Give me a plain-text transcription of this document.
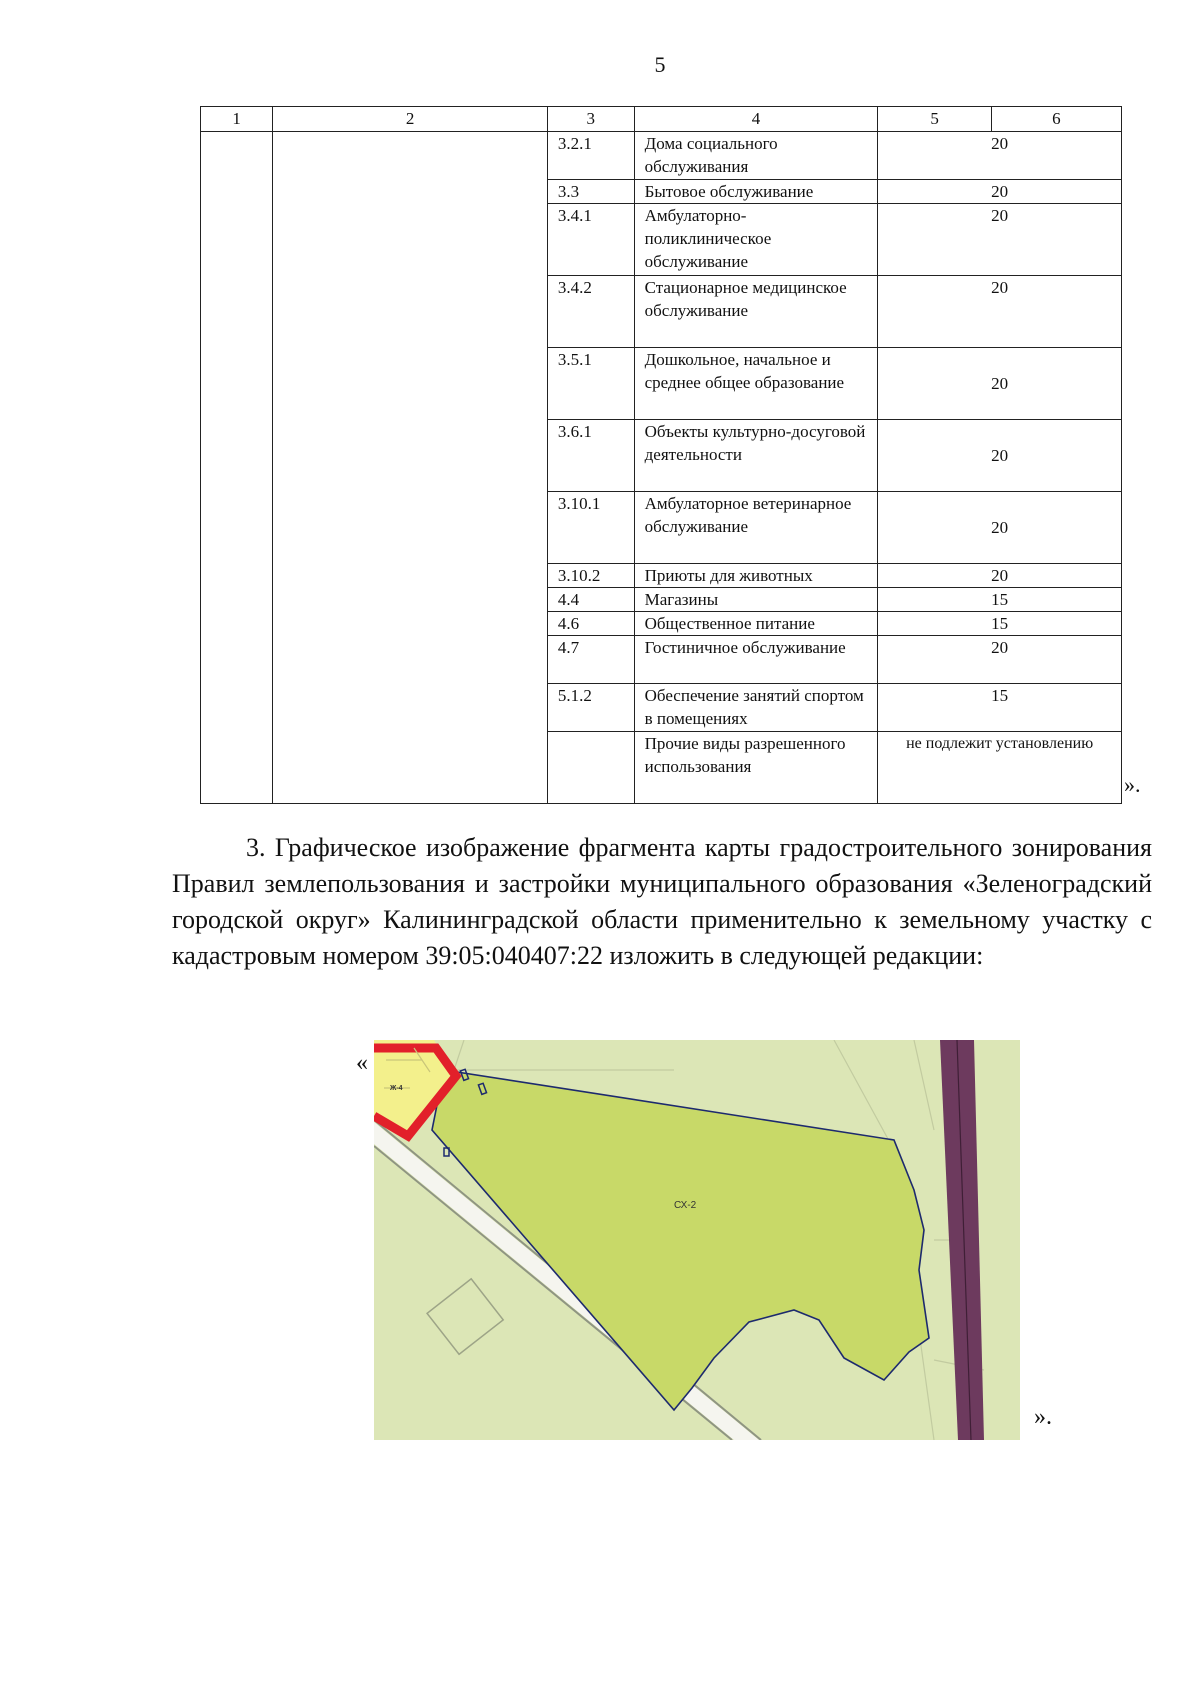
5
1	2	3	4	5	6
		3.2.1	Дома социального обслуживания	20	
		3.3	Бытовое обслуживание	20	
		3.4.1	Амбулаторно-поликлиническое обслуживание	20	
		3.4.2	Стационарное медицинское обслуживание	20	
		3.5.1	Дошкольное, начальное и среднее общее образование	20	
		3.6.1	Объекты культурно-досуговой деятельности	20	
		3.10.1	Амбулаторное ветеринарное обслуживание	20	
		3.10.2	Приюты для животных	20	
		4.4	Магазины	15	
		4.6	Общественное питание	15	
		4.7	Гостиничное обслуживание	20	
		5.1.2	Обеспечение занятий спортом в помещениях	15	
			Прочие виды разрешенного использования	не подлежит установлению	
».
3. Графическое изображение фрагмента карты градостроительного зонирования Правил землепользования и застройки муниципального образования «Зеленоградский городской округ» Калининградской области применительно к земельному участку с кадастровым номером 39:05:040407:22 изложить в следующей редакции:
«
Ж-4
СХ-2
».
